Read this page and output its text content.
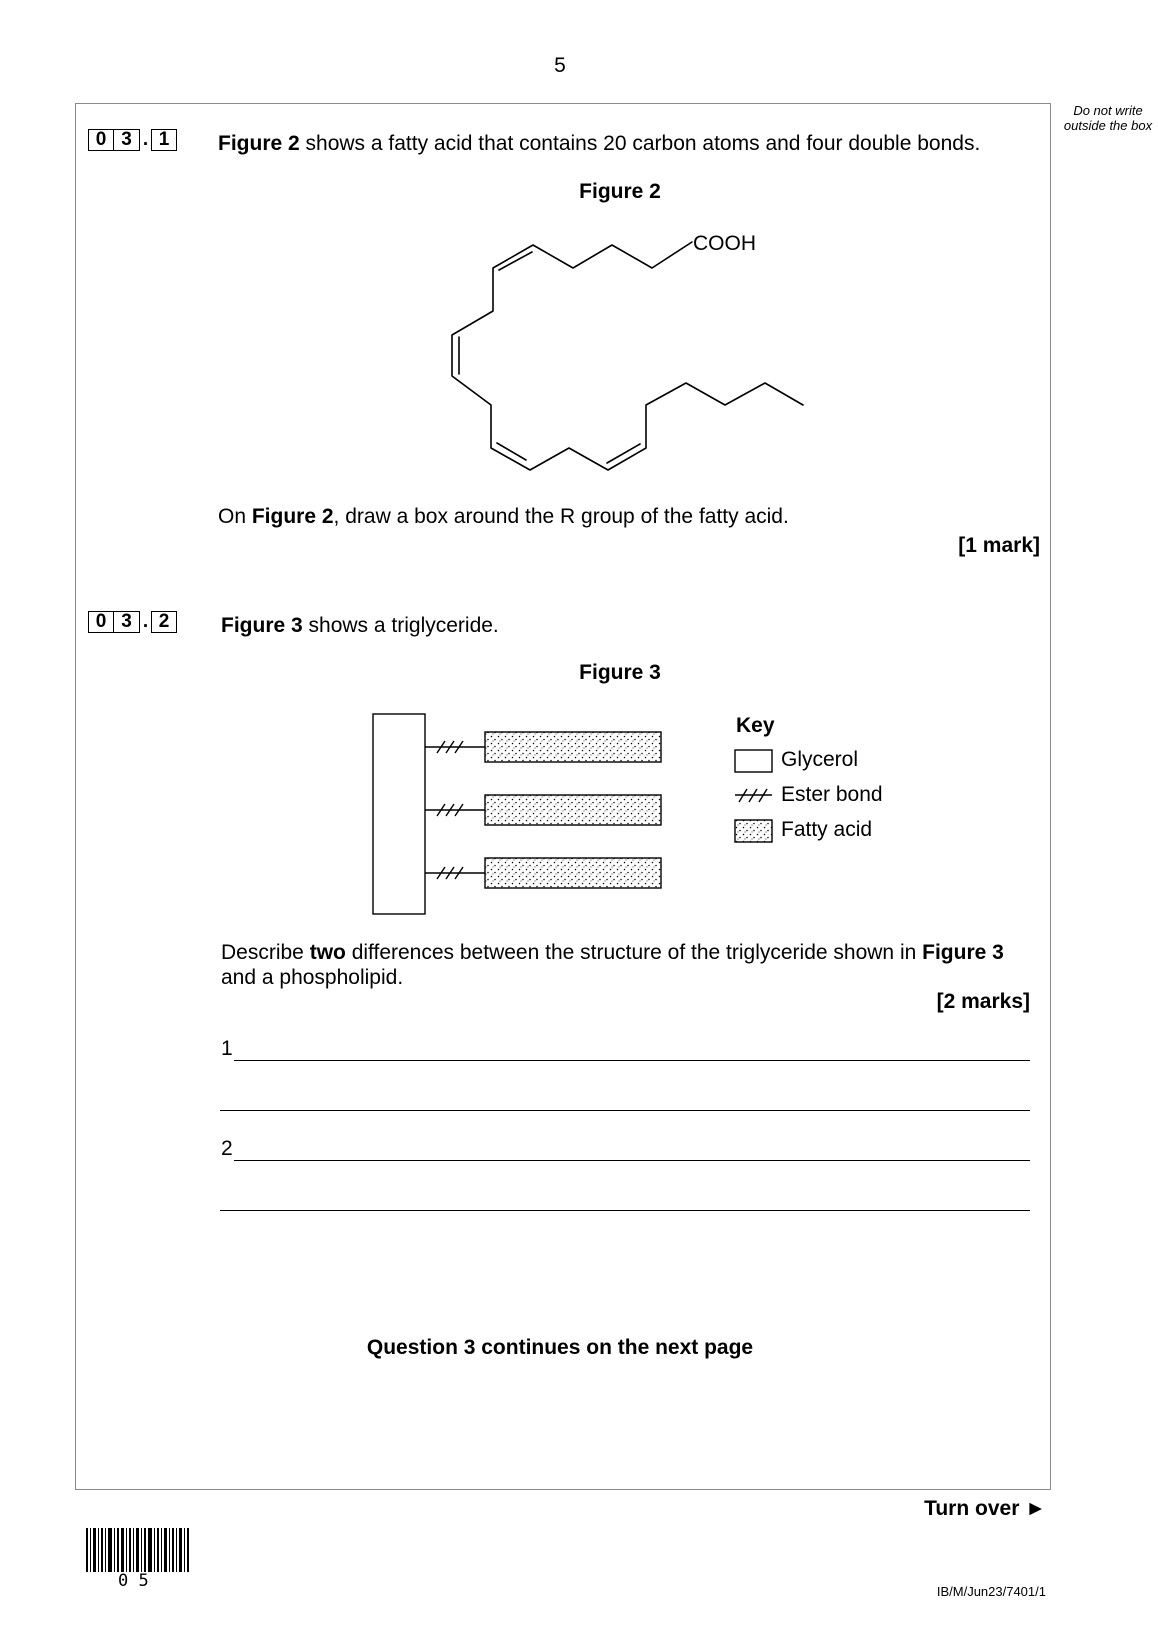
5
Do not write outside the box
0 3 . 1	Figure 2 shows a fatty acid that contains 20 carbon atoms and four double bonds.
Figure 2
COOH
On Figure 2, draw a box around the R group of the fatty acid.
[1 mark]
0 3 . 2	Figure 3 shows a triglyceride.
Figure 3
Key
Glycerol
Ester bond
Fatty acid
Describe two differences between the structure of the triglyceride shown in Figure 3
and a phospholipid.
[2 marks]
1
2
Question 3 continues on the next page
Turn over ►
0 5
IB/M/Jun23/7401/1
